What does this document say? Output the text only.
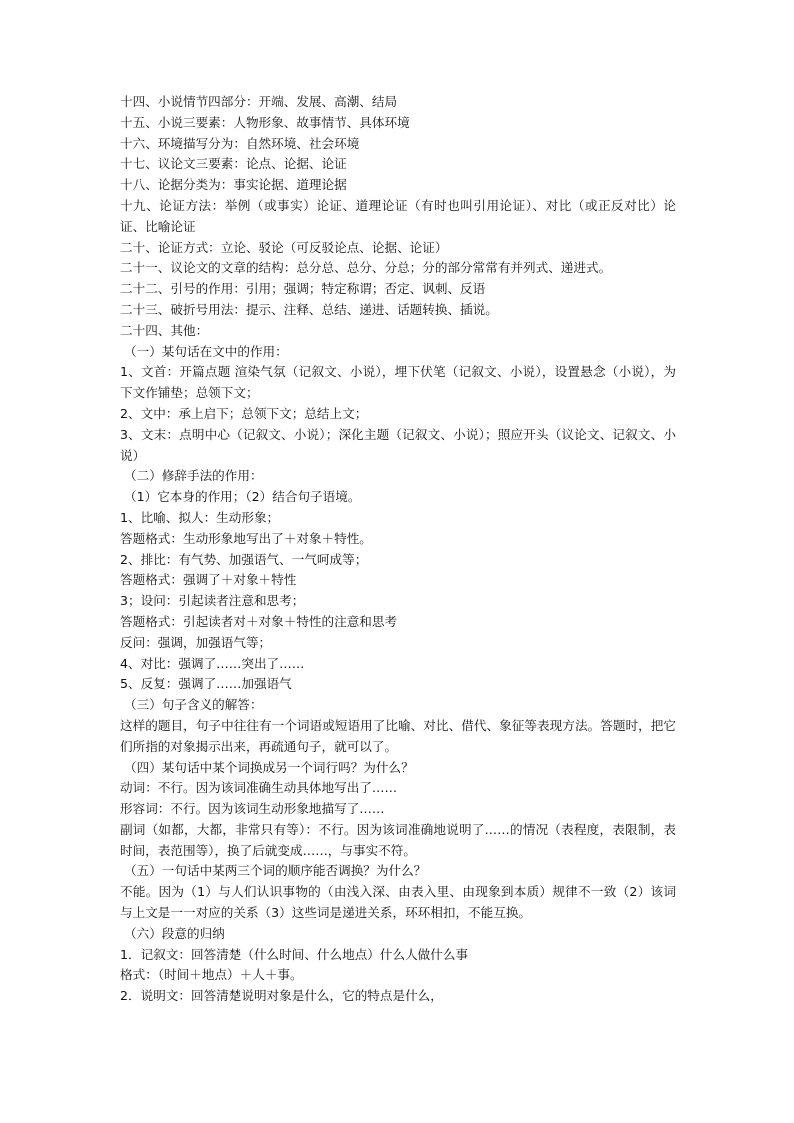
十四、小说情节四部分：开端、发展、高潮、结局
十五、小说三要素：人物形象、故事情节、具体环境
十六、环境描写分为：自然环境、社会环境
十七、议论文三要素：论点、论据、论证
十八、论据分类为：事实论据、道理论据
十九、论证方法：举例（或事实）论证、道理论证（有时也叫引用论证）、对比（或正反对比）论证、比喻论证
二十、论证方式：立论、驳论（可反驳论点、论据、论证）
二十一、议论文的文章的结构：总分总、总分、分总；分的部分常常有并列式、递进式。
二十二、引号的作用：引用；强调；特定称谓；否定、讽刺、反语
二十三、破折号用法：提示、注释、总结、递进、话题转换、插说。
二十四、其他：
（一）某句话在文中的作用：
1、文首：开篇点题 渲染气氛（记叙文、小说），埋下伏笔（记叙文、小说），设置悬念（小说），为下文作铺垫；总领下文；
2、文中：承上启下；总领下文；总结上文；
3、文末：点明中心（记叙文、小说）；深化主题（记叙文、小说）；照应开头（议论文、记叙文、小说）
（二）修辞手法的作用：
（1）它本身的作用；（2）结合句子语境。
1、比喻、拟人：生动形象；
答题格式：生动形象地写出了＋对象＋特性。
2、排比：有气势、加强语气、一气呵成等；
答题格式：强调了＋对象＋特性
3；设问：引起读者注意和思考；
答题格式：引起读者对＋对象＋特性的注意和思考
反问：强调，加强语气等；
4、对比：强调了……突出了……
5、反复：强调了……加强语气
（三）句子含义的解答：
这样的题目，句子中往往有一个词语或短语用了比喻、对比、借代、象征等表现方法。答题时，把它们所指的对象揭示出来，再疏通句子，就可以了。
（四）某句话中某个词换成另一个词行吗？为什么？
动词：不行。因为该词准确生动具体地写出了……
形容词：不行。因为该词生动形象地描写了……
副词（如都，大都，非常只有等）：不行。因为该词准确地说明了……的情况（表程度，表限制，表时间，表范围等），换了后就变成……，与事实不符。
（五）一句话中某两三个词的顺序能否调换？为什么？
不能。因为（1）与人们认识事物的（由浅入深、由表入里、由现象到本质）规律不一致（2）该词与上文是一一对应的关系（3）这些词是递进关系，环环相扣，不能互换。
（六）段意的归纳
1．记叙文：回答清楚（什么时间、什么地点）什么人做什么事
格式：（时间＋地点）＋人＋事。
2．说明文：回答清楚说明对象是什么，它的特点是什么，
